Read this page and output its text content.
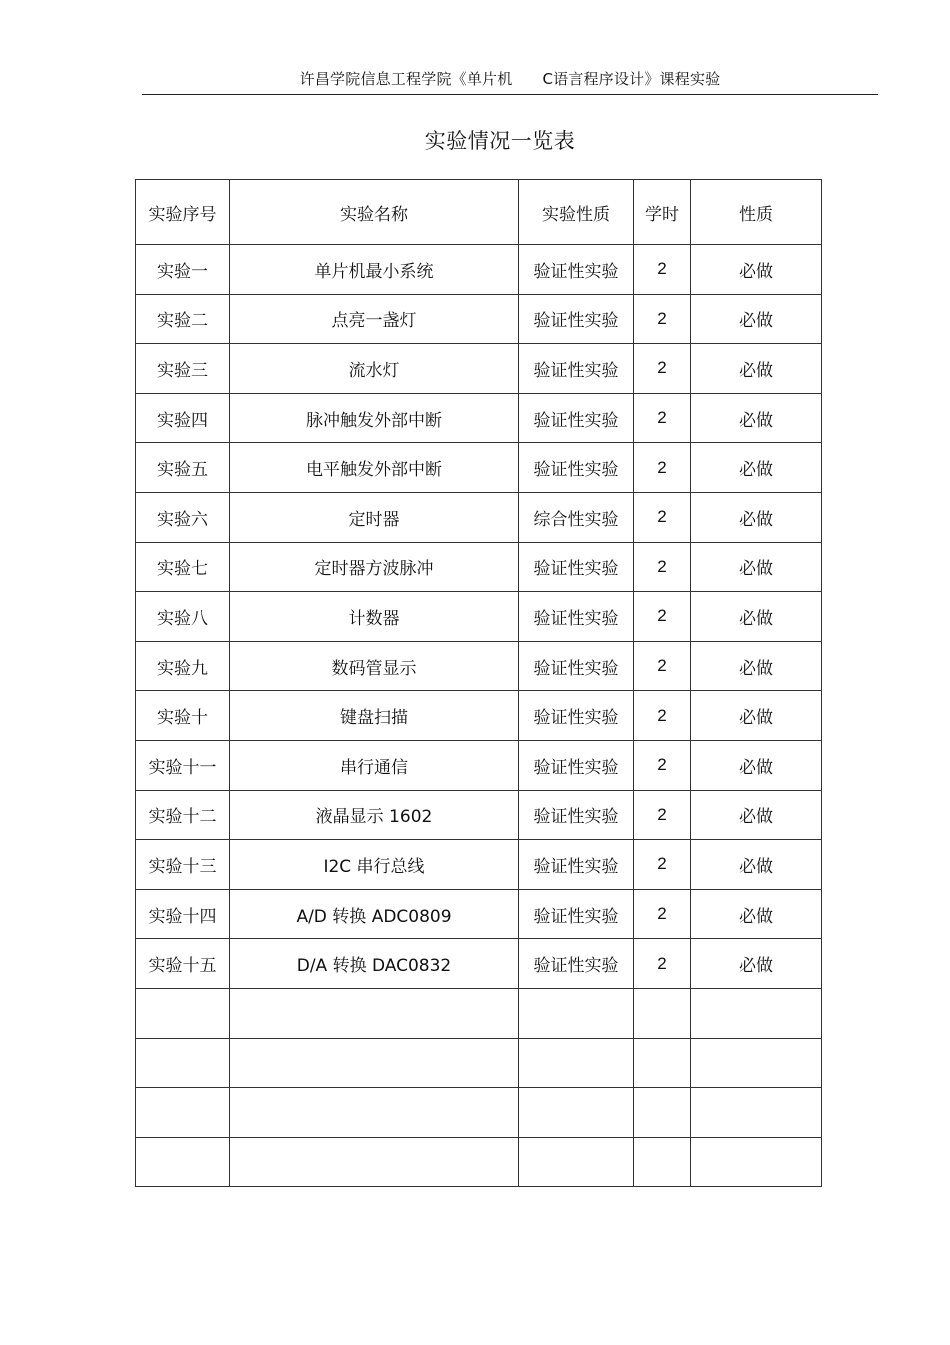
许昌学院信息工程学院《单片机 C语言程序设计》课程实验
实验情况一览表
实验序号	实验名称	实验性质	学时	性质
实验一	单片机最小系统	验证性实验	2	必做
实验二	点亮一盏灯	验证性实验	2	必做
实验三	流水灯	验证性实验	2	必做
实验四	脉冲触发外部中断	验证性实验	2	必做
实验五	电平触发外部中断	验证性实验	2	必做
实验六	定时器	综合性实验	2	必做
实验七	定时器方波脉冲	验证性实验	2	必做
实验八	计数器	验证性实验	2	必做
实验九	数码管显示	验证性实验	2	必做
实验十	键盘扫描	验证性实验	2	必做
实验十一	串行通信	验证性实验	2	必做
实验十二	液晶显示 1602	验证性实验	2	必做
实验十三	I2C 串行总线	验证性实验	2	必做
实验十四	A/D 转换 ADC0809	验证性实验	2	必做
实验十五	D/A 转换 DAC0832	验证性实验	2	必做
